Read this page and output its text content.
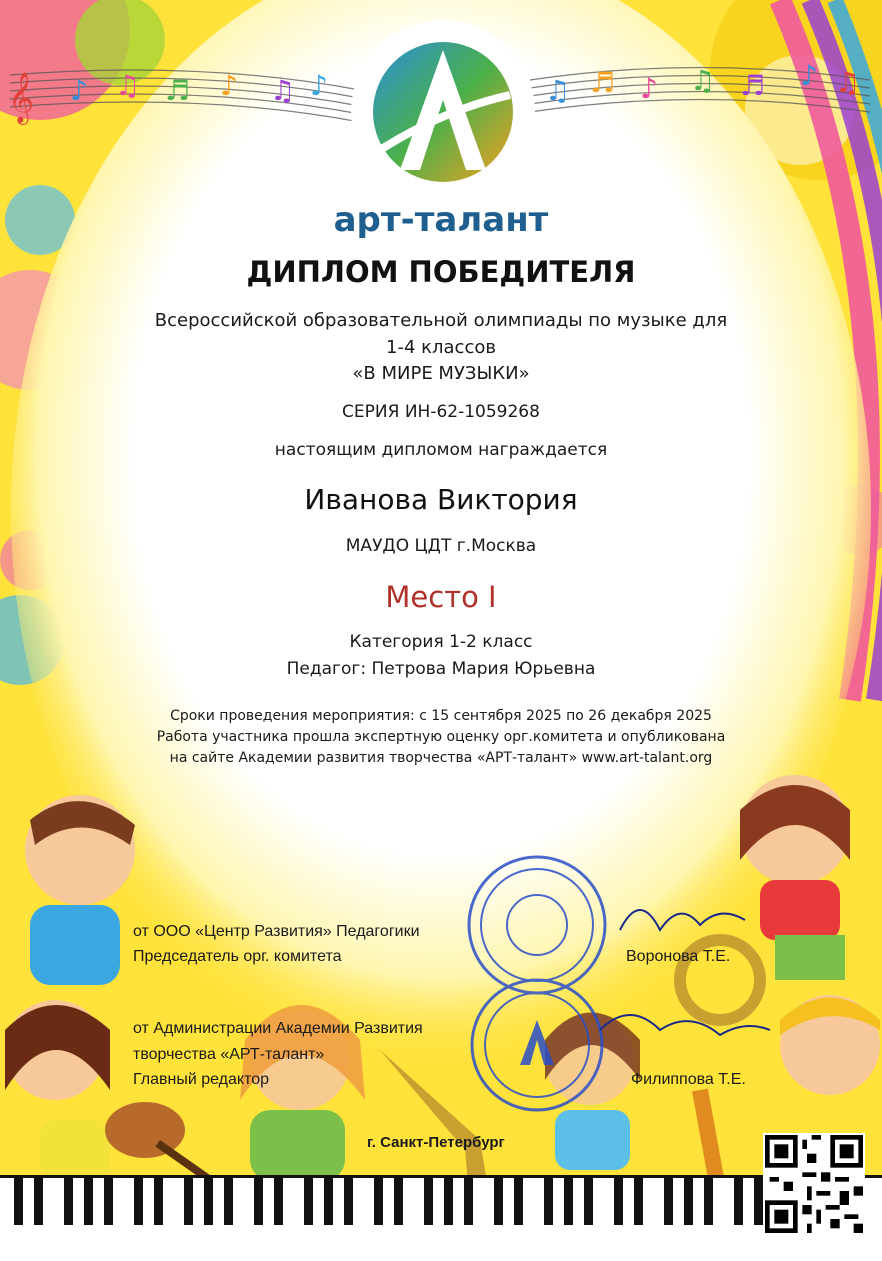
𝄞 ♪ ♫ ♬ ♪ ♫ ♪	♫ ♬ ♪ ♫ ♬ ♪ ♫
арт-талант
ДИПЛОМ ПОБЕДИТЕЛЯ
Всероссийской образовательной олимпиады по музыке для
1-4 классов
«В МИРЕ МУЗЫКИ»
СЕРИЯ ИН-62-1059268
настоящим дипломом награждается
Иванова Виктория
МАУДО ЦДТ г.Москва
Место I
Категория 1-2 класс
Педагог: Петрова Мария Юрьевна
Сроки проведения мероприятия: с 15 сентября 2025 по 26 декабря 2025
Работа участника прошла экспертную оценку орг.комитета и опубликована
на сайте Академии развития творчества «АРТ-талант» www.art-talant.org
от ООО «Центр Развития» Педагогики
Председатель орг. комитета	Воронова Т.Е.
от Администрации Академии Развития
творчества «АРТ-талант»
Главный редактор	Филиппова Т.Е.
г. Санкт-Петербург
